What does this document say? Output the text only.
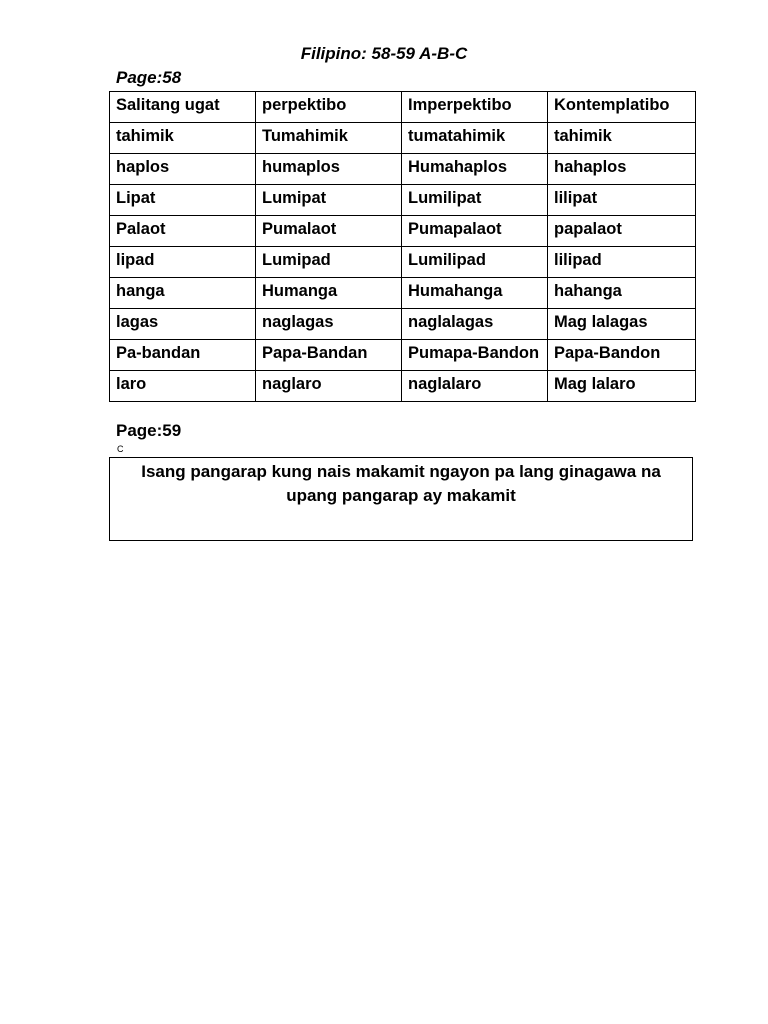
Filipino: 58-59 A-B-C
Page:58
Salitang ugat	perpektibo	Imperpektibo	Kontemplatibo
tahimik	Tumahimik	tumatahimik	tahimik
haplos	humaplos	Humahaplos	hahaplos
Lipat	Lumipat	Lumilipat	lilipat
Palaot	Pumalaot	Pumapalaot	papalaot
lipad	Lumipad	Lumilipad	lilipad
hanga	Humanga	Humahanga	hahanga
lagas	naglagas	naglalagas	Mag lalagas
Pa-bandan	Papa-Bandan	Pumapa-Bandon	Papa-Bandon
laro	naglaro	naglalaro	Mag lalaro
Page:59
C
Isang pangarap kung nais makamit ngayon pa lang ginagawa na upang pangarap ay makamit
